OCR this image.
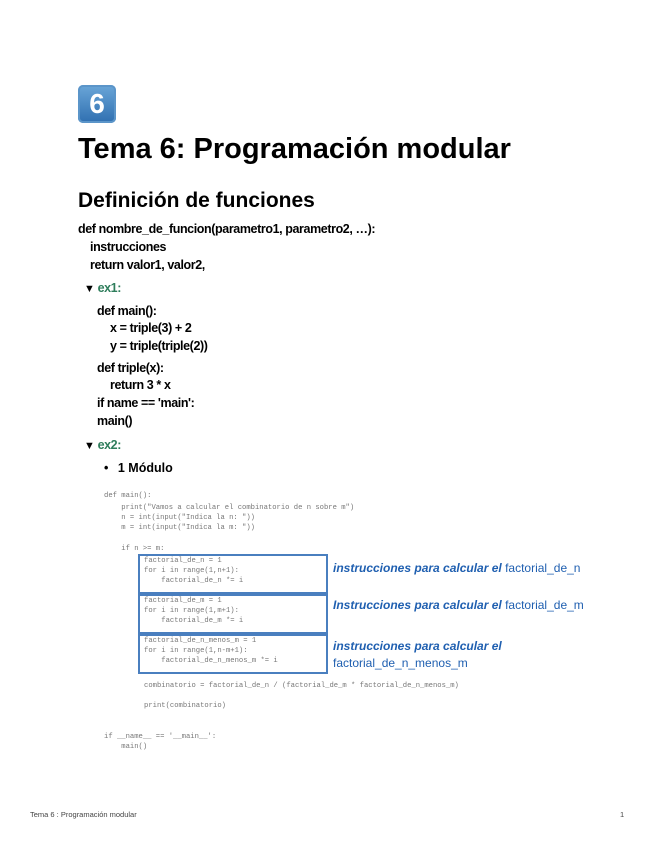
6
Tema 6: Programación modular
Definición de funciones
def nombre_de_funcion(parametro1, parametro2, …):
instrucciones
return valor1, valor2,
▼ ex1:
def main():
x = triple(3) + 2
y = triple(triple(2))
def triple(x):
return 3 * x
if name == 'main':
main()
▼ ex2:
• 1 Módulo
def main():
print("Vamos a calcular el combinatorio de n sobre m")
n = int(input("Indica la n: "))
m = int(input("Indica la m: "))
if n >= m:
factorial_de_n = 1
for i in range(1,n+1):
factorial_de_n *= i
factorial_de_m = 1
for i in range(1,m+1):
factorial_de_m *= i
factorial_de_n_menos_m = 1
for i in range(1,n-m+1):
factorial_de_n_menos_m *= i
combinatorio = factorial_de_n / (factorial_de_m * factorial_de_n_menos_m)
print(combinatorio)
if __name__ == '__main__':
main()
instrucciones para calcular el factorial_de_n
Instrucciones para calcular el factorial_de_m
instrucciones para calcular el
factorial_de_n_menos_m
Tema 6 : Programación modular	1
